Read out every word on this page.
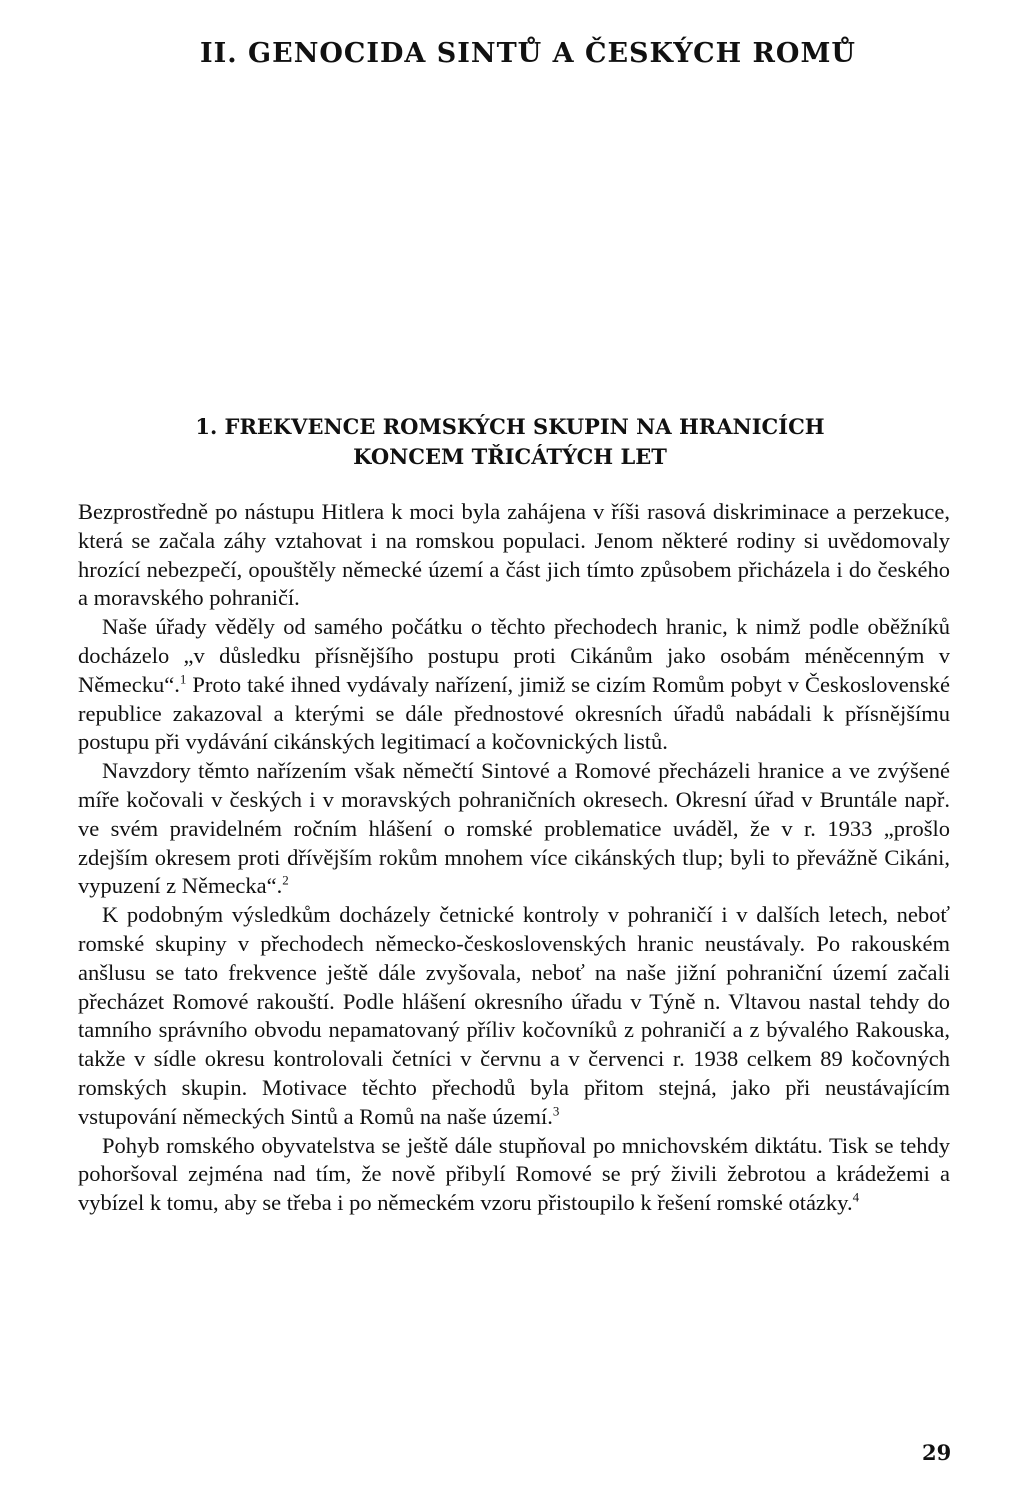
II. GENOCIDA SINTŮ A ČESKÝCH ROMŮ
1. FREKVENCE ROMSKÝCH SKUPIN NA HRANICÍCH
KONCEM TŘICÁTÝCH LET

Bezprostředně po nástupu Hitlera k moci byla zahájena v říši rasová diskriminace a perzekuce, která se začala záhy vztahovat i na romskou populaci. Jenom některé rodiny si uvědomovaly hrozící nebezpečí, opouštěly německé území a část jich tímto způsobem přicházela i do českého a moravského pohraničí.

Naše úřady věděly od samého počátku o těchto přechodech hranic, k nimž podle oběžníků docházelo „v důsledku přísnějšího postupu proti Cikánům jako osobám méněcenným v Německu“.$^1$ Proto také ihned vydávaly nařízení, jimiž se cizím Romům pobyt v Československé republice zakazoval a kterými se dále přednostové okresních úřadů nabádali k přísnějšímu postupu při vydávání cikánských legitimací a kočovnických listů.

Navzdory těmto nařízením však němečtí Sintové a Romové přecházeli hranice a ve zvýšené míře kočovali v českých i v moravských pohraničních okresech. Okresní úřad v Bruntále např. ve svém pravidelném ročním hlášení o romské problematice uváděl, že v r. 1933 „prošlo zdejším okresem proti dřívějším rokům mnohem více cikánských tlup; byli to převážně Cikáni, vypuzení z Německa“.$^2$

K podobným výsledkům docházely četnické kontroly v pohraničí i v dalších letech, neboť romské skupiny v přechodech německo-československých hranic neustávaly. Po rakouském anšlusu se tato frekvence ještě dále zvyšovala, neboť na naše jižní pohraniční území začali přecházet Romové rakouští. Podle hlášení okresního úřadu v Týně n. Vltavou nastal tehdy do tamního správního obvodu nepamatovaný příliv kočovníků z pohraničí a z bývalého Rakouska, takže v sídle okresu kontrolovali četníci v červnu a v červenci r. 1938 celkem 89 kočovných romských skupin. Motivace těchto přechodů byla přitom stejná, jako při neustávajícím vstupování německých Sintů a Romů na naše území.$^3$

Pohyb romského obyvatelstva se ještě dále stupňoval po mnichovském diktátu. Tisk se tehdy pohoršoval zejména nad tím, že nově přibylí Romové se prý živili žebrotou a krádežemi a vybízel k tomu, aby se třeba i po německém vzoru přistoupilo k řešení romské otázky.$^4$

29
